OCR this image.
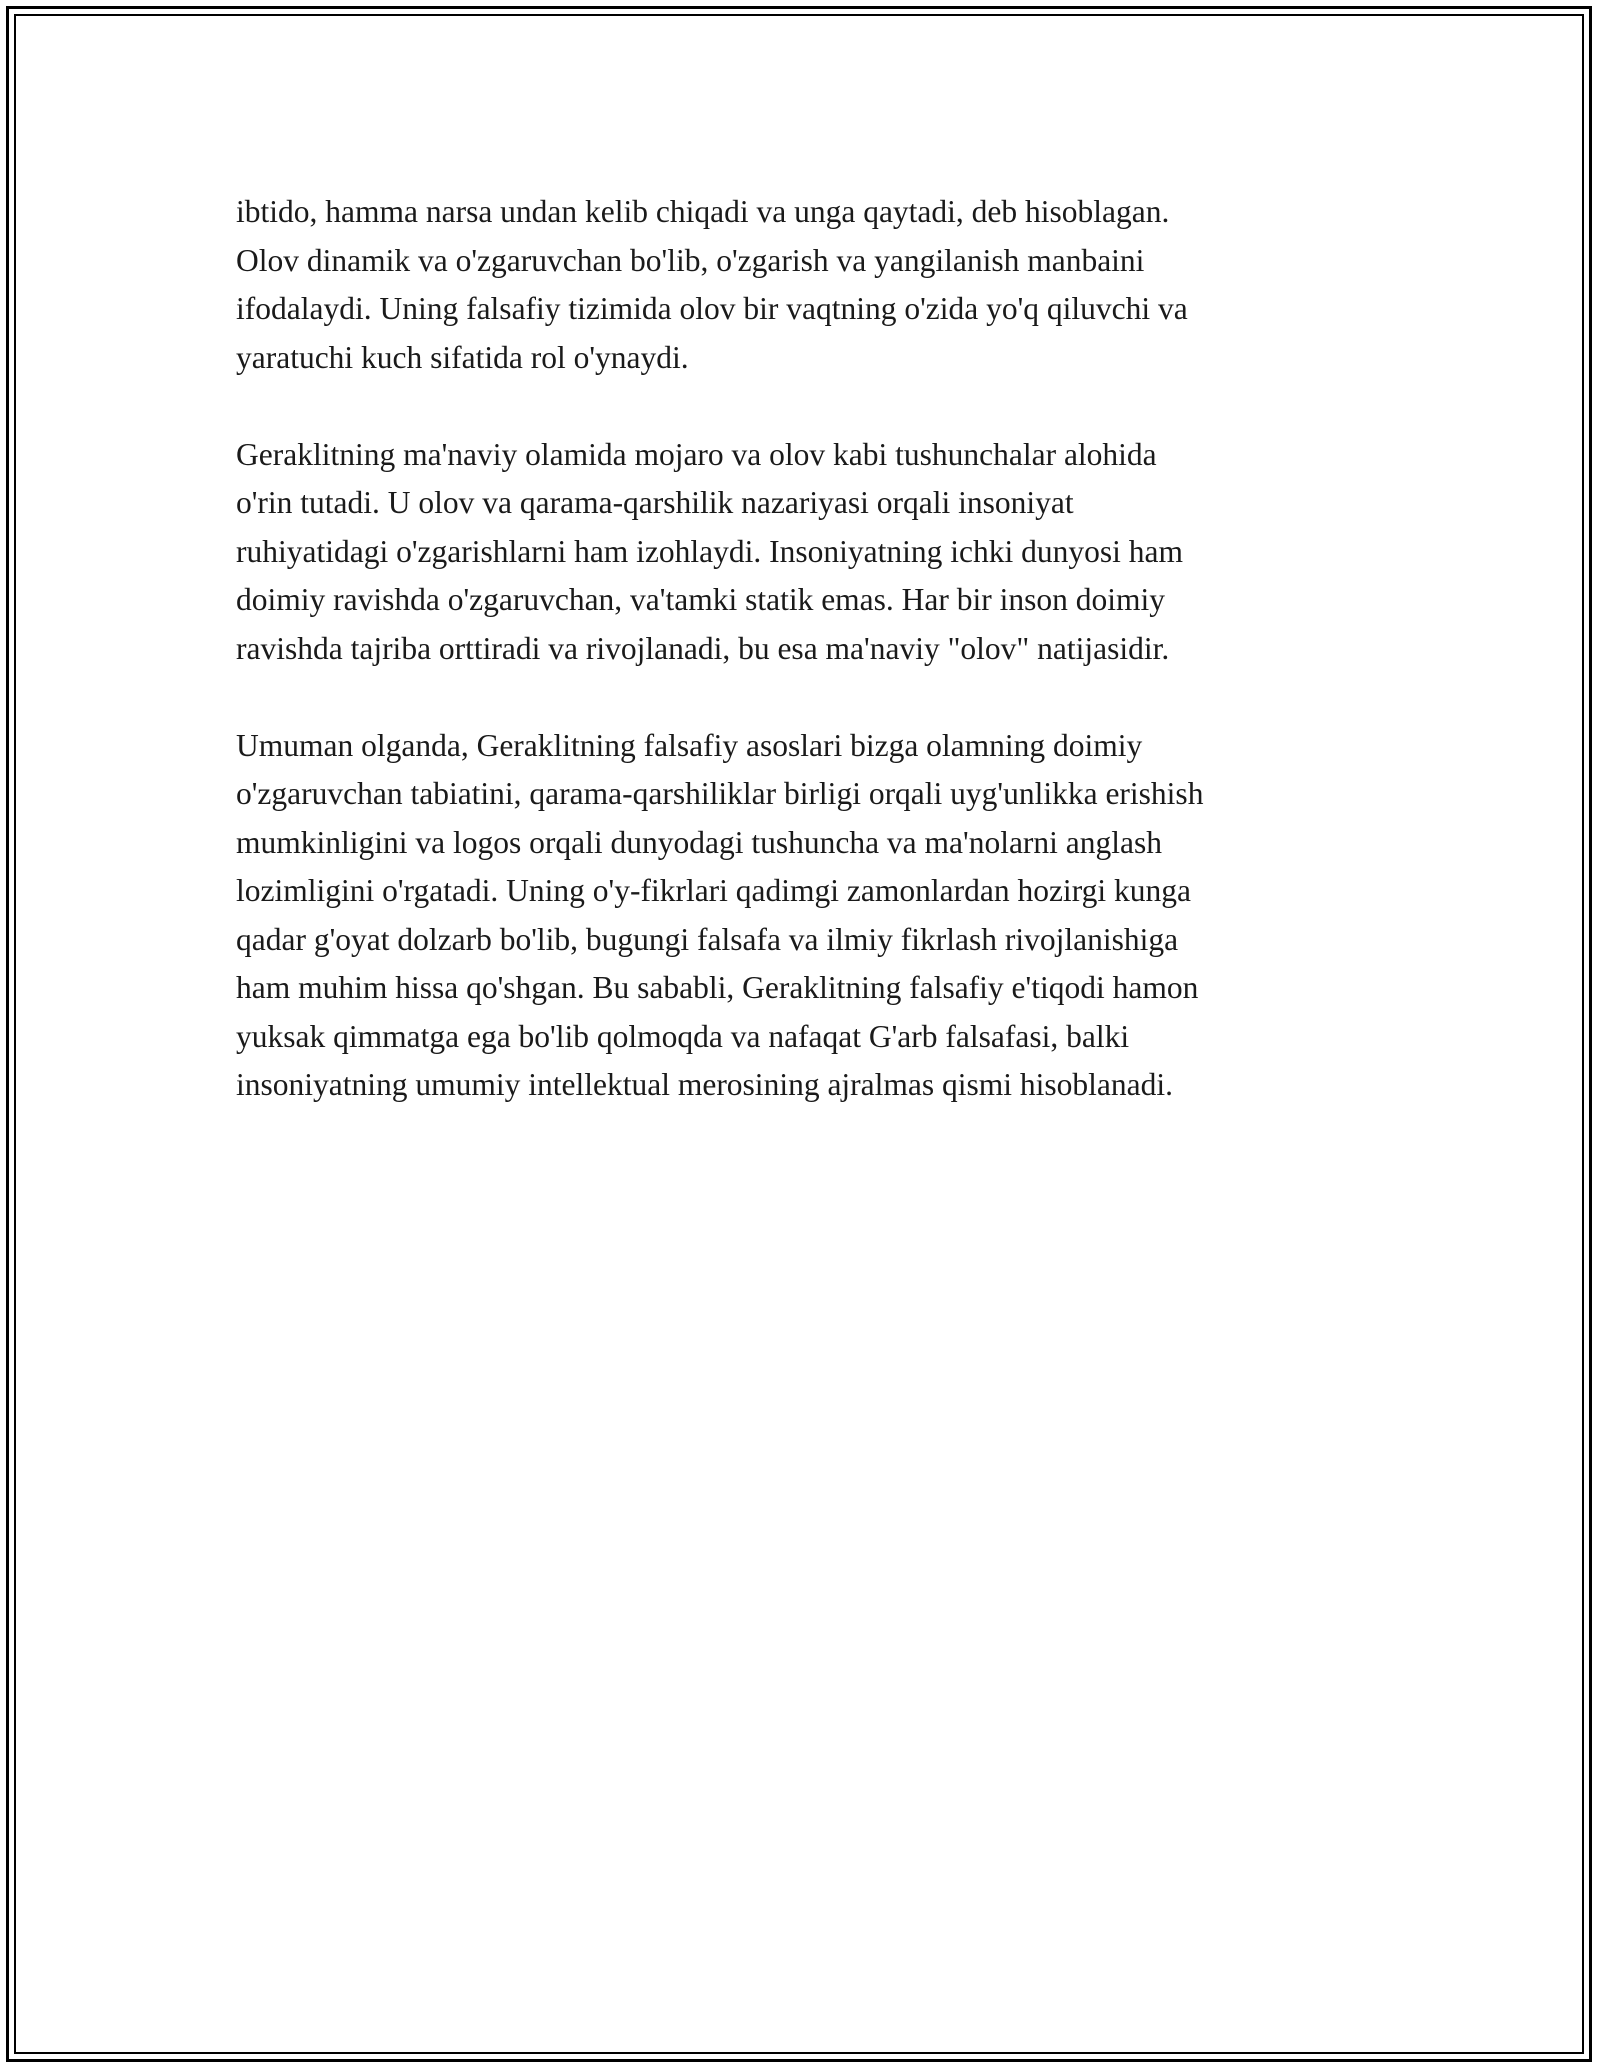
ibtido, hamma narsa undan kelib chiqadi va unga qaytadi, deb hisoblagan.
Olov dinamik va o'zgaruvchan bo'lib, o'zgarish va yangilanish manbaini
ifodalaydi. Uning falsafiy tizimida olov bir vaqtning o'zida yo'q qiluvchi va
yaratuchi kuch sifatida rol o'ynaydi.

Geraklitning ma'naviy olamida mojaro va olov kabi tushunchalar alohida
o'rin tutadi. U olov va qarama-qarshilik nazariyasi orqali insoniyat
ruhiyatidagi o'zgarishlarni ham izohlaydi. Insoniyatning ichki dunyosi ham
doimiy ravishda o'zgaruvchan, va'tamki statik emas. Har bir inson doimiy
ravishda tajriba orttiradi va rivojlanadi, bu esa ma'naviy "olov" natijasidir.

Umuman olganda, Geraklitning falsafiy asoslari bizga olamning doimiy
o'zgaruvchan tabiatini, qarama-qarshiliklar birligi orqali uyg'unlikka erishish
mumkinligini va logos orqali dunyodagi tushuncha va ma'nolarni anglash
lozimligini o'rgatadi. Uning o'y-fikrlari qadimgi zamonlardan hozirgi kunga
qadar g'oyat dolzarb bo'lib, bugungi falsafa va ilmiy fikrlash rivojlanishiga
ham muhim hissa qo'shgan. Bu sababli, Geraklitning falsafiy e'tiqodi hamon
yuksak qimmatga ega bo'lib qolmoqda va nafaqat G'arb falsafasi, balki
insoniyatning umumiy intellektual merosining ajralmas qismi hisoblanadi.
